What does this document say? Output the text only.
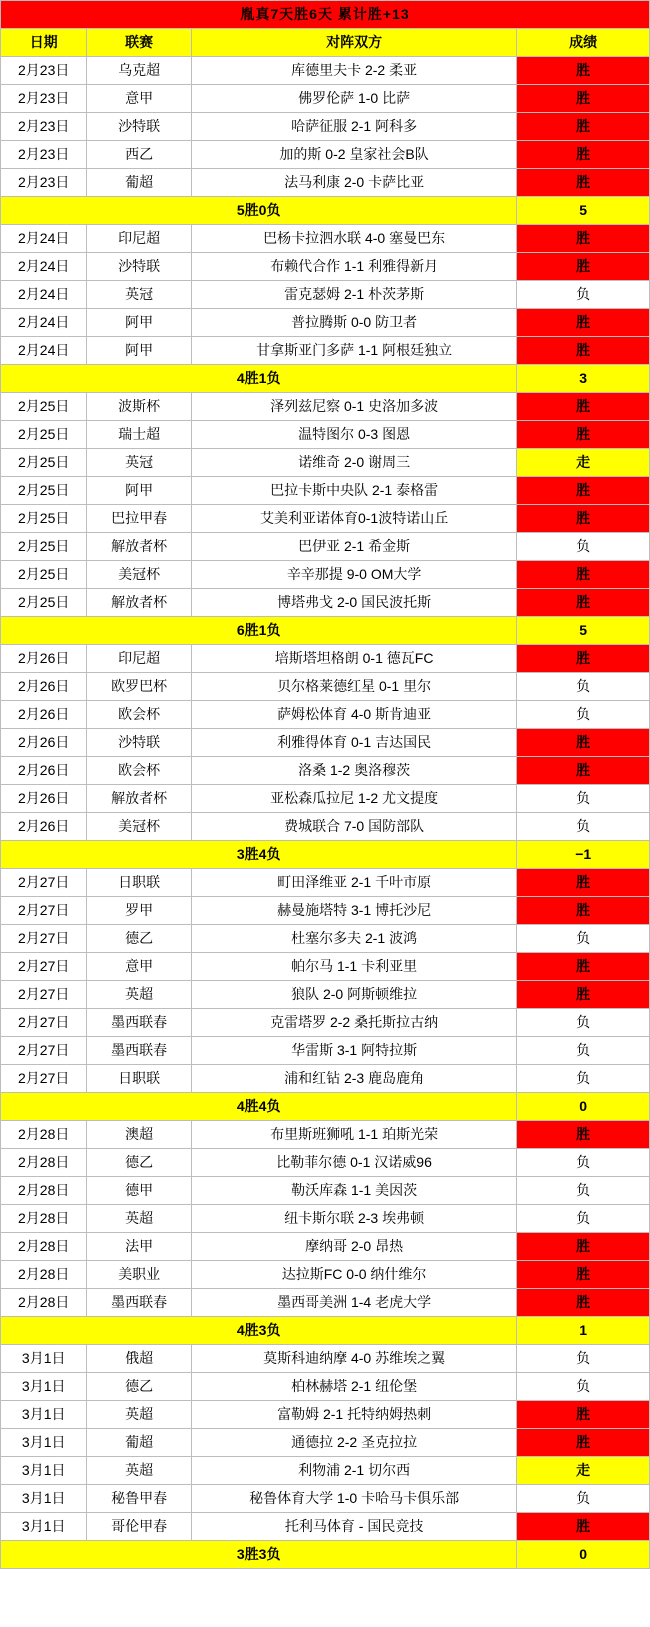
胤真7天胜6天 累计胜+13			
日期	联赛	对阵双方	成绩
2月23日	乌克超	库德里夫卡 2-2 柔亚	胜
2月23日	意甲	佛罗伦萨 1-0 比萨	胜
2月23日	沙特联	哈萨征服 2-1 阿科多	胜
2月23日	西乙	加的斯 0-2 皇家社会B队	胜
2月23日	葡超	法马利康 2-0 卡萨比亚	胜
5胜0负			5
2月24日	印尼超	巴杨卡拉泗水联 4-0 塞曼巴东	胜
2月24日	沙特联	布赖代合作 1-1 利雅得新月	胜
2月24日	英冠	雷克瑟姆 2-1 朴茨茅斯	负
2月24日	阿甲	普拉腾斯 0-0 防卫者	胜
2月24日	阿甲	甘拿斯亚门多萨 1-1 阿根廷独立	胜
4胜1负			3
2月25日	波斯杯	泽列兹尼察 0-1 史洛加多波	胜
2月25日	瑞士超	温特图尔 0-3 图恩	胜
2月25日	英冠	诺维奇 2-0 谢周三	走
2月25日	阿甲	巴拉卡斯中央队 2-1 泰格雷	胜
2月25日	巴拉甲春	艾美利亚诺体育0-1波特诺山丘	胜
2月25日	解放者杯	巴伊亚 2-1 希金斯	负
2月25日	美冠杯	辛辛那提 9-0 OM大学	胜
2月25日	解放者杯	博塔弗戈 2-0 国民波托斯	胜
6胜1负			5
2月26日	印尼超	培斯塔坦格朗 0-1 德瓦FC	胜
2月26日	欧罗巴杯	贝尔格莱德红星 0-1 里尔	负
2月26日	欧会杯	萨姆松体育 4-0 斯肯迪亚	负
2月26日	沙特联	利雅得体育 0-1 吉达国民	胜
2月26日	欧会杯	洛桑 1-2 奥洛穆茨	胜
2月26日	解放者杯	亚松森瓜拉尼 1-2 尤文提度	负
2月26日	美冠杯	费城联合 7-0 国防部队	负
3胜4负			−1
2月27日	日职联	町田泽维亚 2-1 千叶市原	胜
2月27日	罗甲	赫曼施塔特 3-1 博托沙尼	胜
2月27日	德乙	杜塞尔多夫 2-1 波鸿	负
2月27日	意甲	帕尔马 1-1 卡利亚里	胜
2月27日	英超	狼队 2-0 阿斯顿维拉	胜
2月27日	墨西联春	克雷塔罗 2-2 桑托斯拉古纳	负
2月27日	墨西联春	华雷斯 3-1 阿特拉斯	负
2月27日	日职联	浦和红钻 2-3 鹿岛鹿角	负
4胜4负			0
2月28日	澳超	布里斯班狮吼 1-1 珀斯光荣	胜
2月28日	德乙	比勒菲尔德 0-1 汉诺威96	负
2月28日	德甲	勒沃库森 1-1 美因茨	负
2月28日	英超	纽卡斯尔联 2-3 埃弗顿	负
2月28日	法甲	摩纳哥 2-0 昂热	胜
2月28日	美职业	达拉斯FC 0-0 纳什维尔	胜
2月28日	墨西联春	墨西哥美洲 1-4 老虎大学	胜
4胜3负			1
3月1日	俄超	莫斯科迪纳摩 4-0 苏维埃之翼	负
3月1日	德乙	柏林赫塔 2-1 纽伦堡	负
3月1日	英超	富勒姆 2-1 托特纳姆热刺	胜
3月1日	葡超	通德拉 2-2 圣克拉拉	胜
3月1日	英超	利物浦 2-1 切尔西	走
3月1日	秘鲁甲春	秘鲁体育大学 1-0 卡哈马卡俱乐部	负
3月1日	哥伦甲春	托利马体育 - 国民竞技	胜
3胜3负			0
